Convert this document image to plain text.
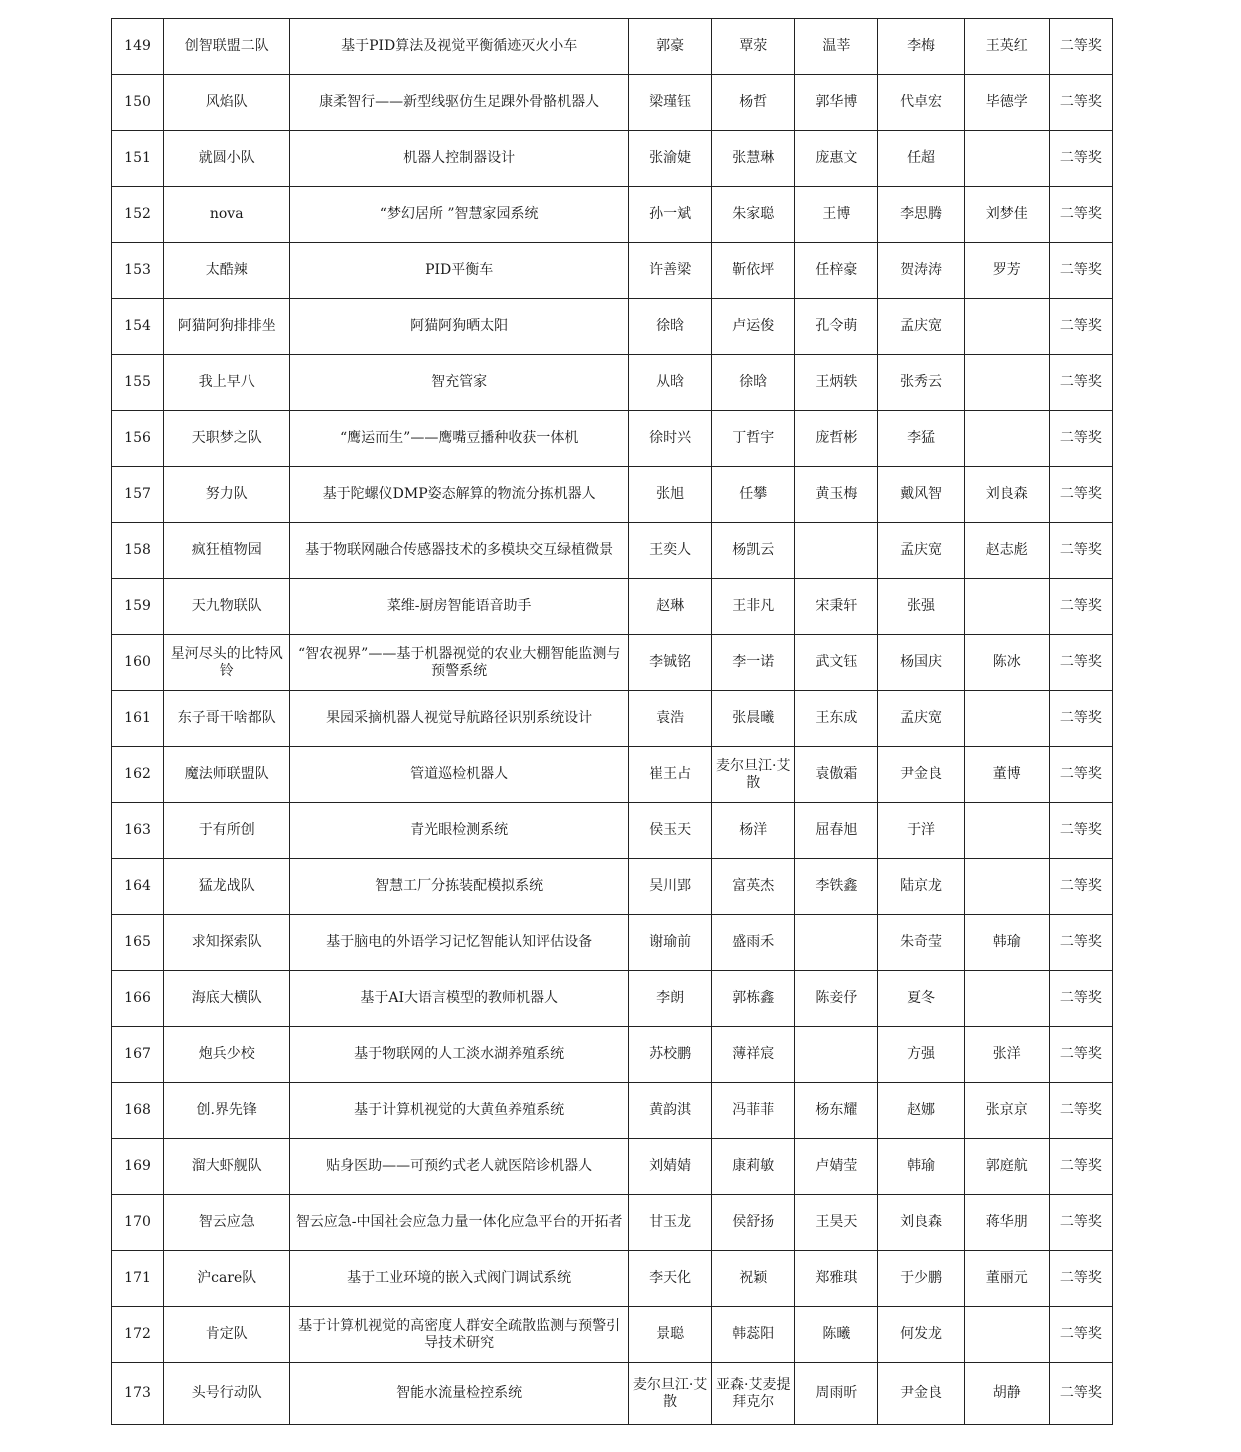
149	创智联盟二队	基于PID算法及视觉平衡循迹灭火小车	郭豪	覃荥	温莘	李梅	王英红	二等奖
150	风焰队	康柔智行——新型线驱仿生足踝外骨骼机器人	梁瑾钰	杨哲	郭华博	代卓宏	毕德学	二等奖
151	就圆小队	机器人控制器设计	张渝婕	张慧琳	庞惠文	任超		二等奖
152	nova	“梦幻居所 ”智慧家园系统	孙一斌	朱家聪	王博	李思腾	刘梦佳	二等奖
153	太酷辣	PID平衡车	许善梁	靳依坪	任梓豪	贺涛涛	罗芳	二等奖
154	阿猫阿狗排排坐	阿猫阿狗晒太阳	徐晗	卢运俊	孔令萌	孟庆宽		二等奖
155	我上早八	智充管家	从晗	徐晗	王炳轶	张秀云		二等奖
156	天职梦之队	“鹰运而生”——鹰嘴豆播种收获一体机	徐时兴	丁哲宇	庞哲彬	李猛		二等奖
157	努力队	基于陀螺仪DMP姿态解算的物流分拣机器人	张旭	任攀	黄玉梅	戴风智	刘良森	二等奖
158	疯狂植物园	基于物联网融合传感器技术的多模块交互绿植微景	王奕人	杨凯云		孟庆宽	赵志彪	二等奖
159	天九物联队	菜维-厨房智能语音助手	赵琳	王非凡	宋秉轩	张强		二等奖
160	星河尽头的比特风铃	“智农视界”——基于机器视觉的农业大棚智能监测与预警系统	李铖铭	李一诺	武文钰	杨国庆	陈冰	二等奖
161	东子哥干啥都队	果园采摘机器人视觉导航路径识别系统设计	袁浩	张晨曦	王东成	孟庆宽		二等奖
162	魔法师联盟队	管道巡检机器人	崔王占	麦尔旦江·艾散	袁傲霜	尹金良	董博	二等奖
163	于有所创	青光眼检测系统	侯玉天	杨洋	屈春旭	于洋		二等奖
164	猛龙战队	智慧工厂分拣装配模拟系统	吴川郢	富英杰	李铁鑫	陆京龙		二等奖
165	求知探索队	基于脑电的外语学习记忆智能认知评估设备	谢瑜前	盛雨禾		朱奇莹	韩瑜	二等奖
166	海底大横队	基于AI大语言模型的教师机器人	李朗	郭栋鑫	陈妾伃	夏冬		二等奖
167	炮兵少校	基于物联网的人工淡水湖养殖系统	苏校鹏	薄祥宸		方强	张洋	二等奖
168	创.界先锋	基于计算机视觉的大黄鱼养殖系统	黄韵淇	冯菲菲	杨东耀	赵娜	张京京	二等奖
169	溜大虾舰队	贴身医助——可预约式老人就医陪诊机器人	刘婧婧	康莉敏	卢婧莹	韩瑜	郭庭航	二等奖
170	智云应急	智云应急-中国社会应急力量一体化应急平台的开拓者	甘玉龙	侯舒扬	王昊天	刘良森	蒋华朋	二等奖
171	沪care队	基于工业环境的嵌入式阀门调试系统	李天化	祝颖	郑雅琪	于少鹏	董丽元	二等奖
172	肯定队	基于计算机视觉的高密度人群安全疏散监测与预警引导技术研究	景聪	韩蕊阳	陈曦	何发龙		二等奖
173	头号行动队	智能水流量检控系统	麦尔旦江·艾散	亚森·艾麦提拜克尔	周雨昕	尹金良	胡静	二等奖
